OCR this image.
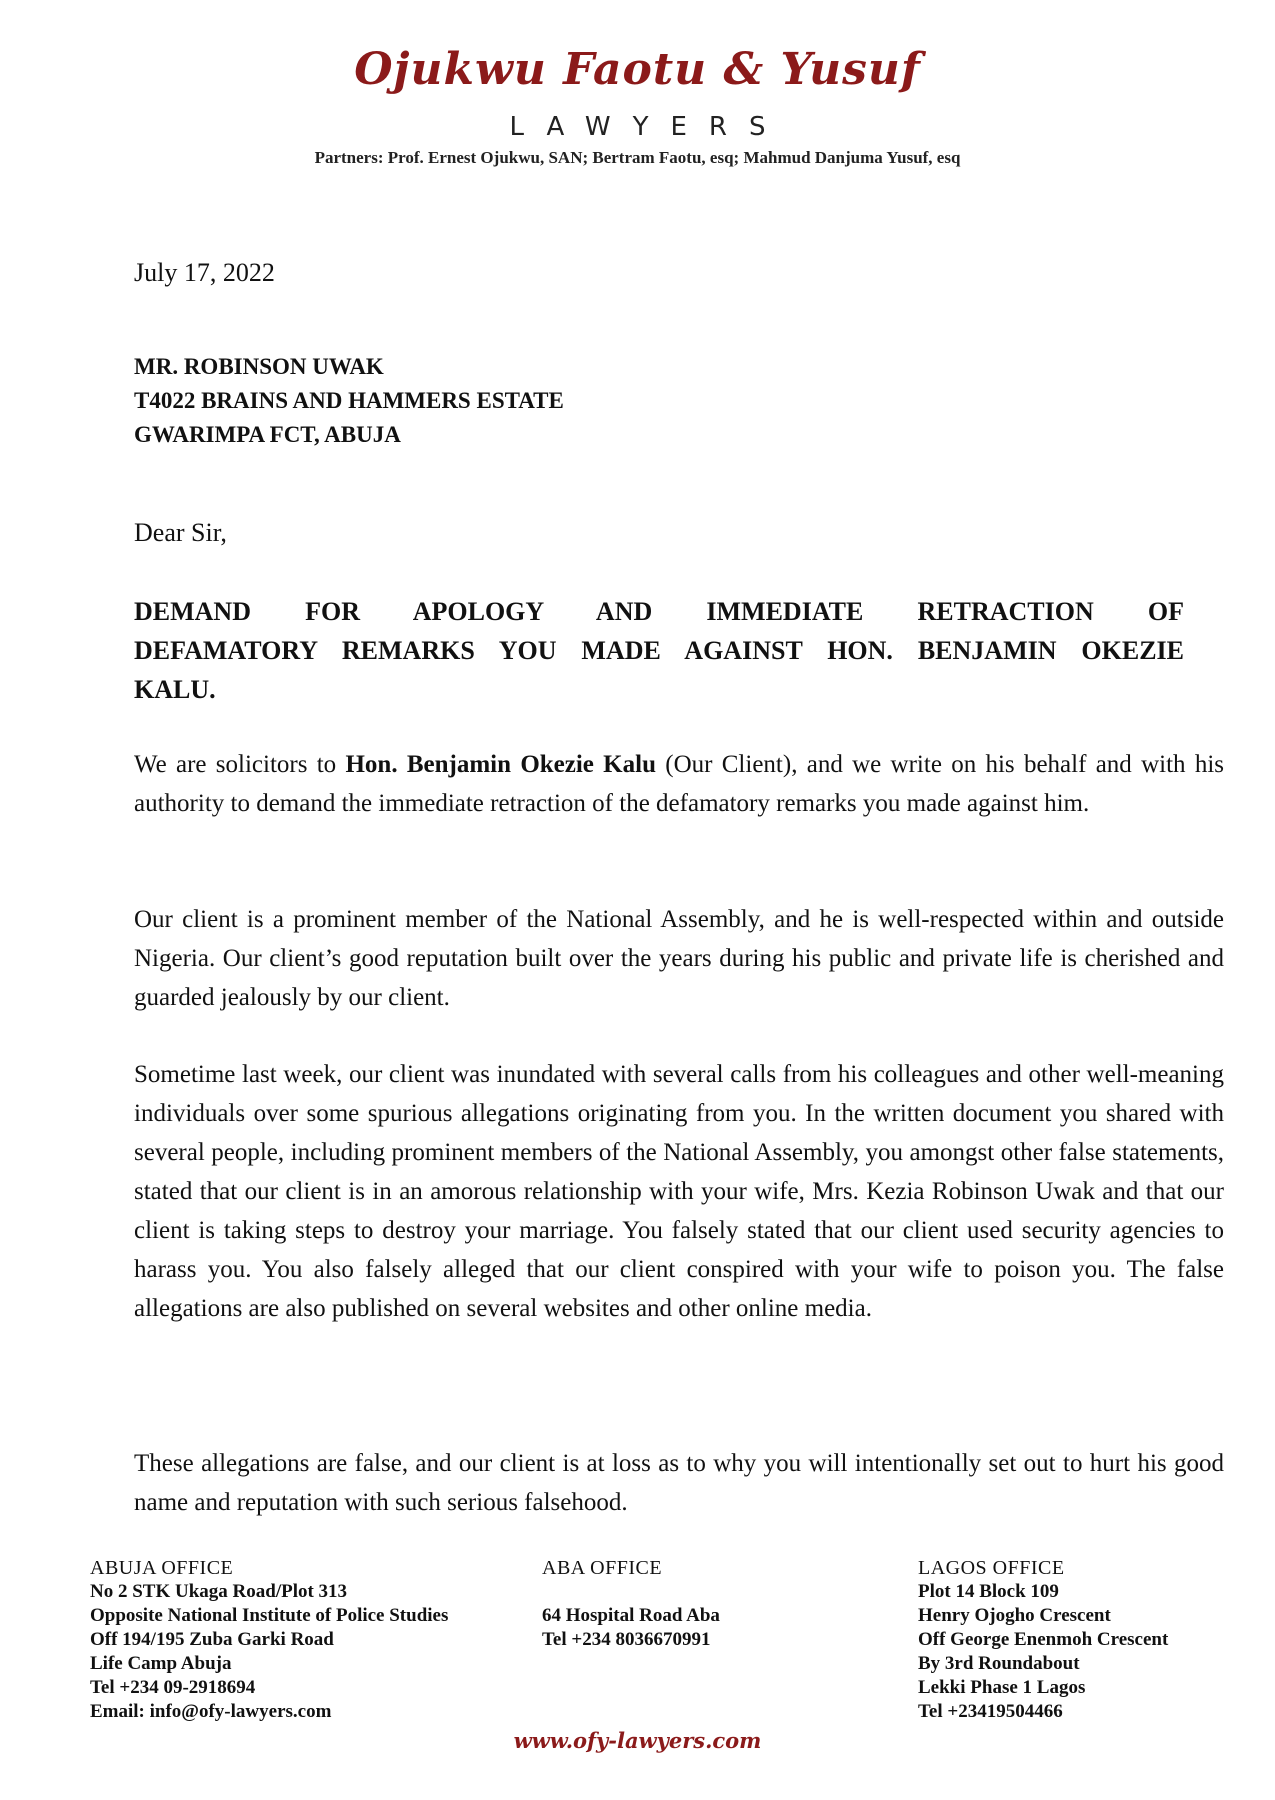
Ojukwu Faotu & Yusuf
LAWYERS
Partners: Prof. Ernest Ojukwu, SAN; Bertram Faotu, esq; Mahmud Danjuma Yusuf, esq
July 17, 2022
MR. ROBINSON UWAK
T4022 BRAINS AND HAMMERS ESTATE
GWARIMPA FCT, ABUJA
Dear Sir,
DEMAND FOR APOLOGY AND IMMEDIATE RETRACTION OF DEFAMATORY REMARKS YOU MADE AGAINST HON. BENJAMIN OKEZIE KALU.
We are solicitors to Hon. Benjamin Okezie Kalu (Our Client), and we write on his behalf and with his authority to demand the immediate retraction of the defamatory remarks you made against him.
Our client is a prominent member of the National Assembly, and he is well-respected within and outside Nigeria. Our client’s good reputation built over the years during his public and private life is cherished and guarded jealously by our client.
Sometime last week, our client was inundated with several calls from his colleagues and other well-meaning individuals over some spurious allegations originating from you. In the written document you shared with several people, including prominent members of the National Assembly, you amongst other false statements, stated that our client is in an amorous relationship with your wife, Mrs. Kezia Robinson Uwak and that our client is taking steps to destroy your marriage. You falsely stated that our client used security agencies to harass you. You also falsely alleged that our client conspired with your wife to poison you. The false allegations are also published on several websites and other online media.
These allegations are false, and our client is at loss as to why you will intentionally set out to hurt his good name and reputation with such serious falsehood.
ABUJA OFFICE
No 2 STK Ukaga Road/Plot 313
Opposite National Institute of Police Studies
Off 194/195 Zuba Garki Road
Life Camp Abuja
Tel +234 09-2918694
Email: info@ofy-lawyers.com
ABA OFFICE
64 Hospital Road Aba
Tel +234 8036670991
LAGOS OFFICE
Plot 14 Block 109
Henry Ojogho Crescent
Off George Enenmoh Crescent
By 3rd Roundabout
Lekki Phase 1 Lagos
Tel +23419504466
www.ofy-lawyers.com
